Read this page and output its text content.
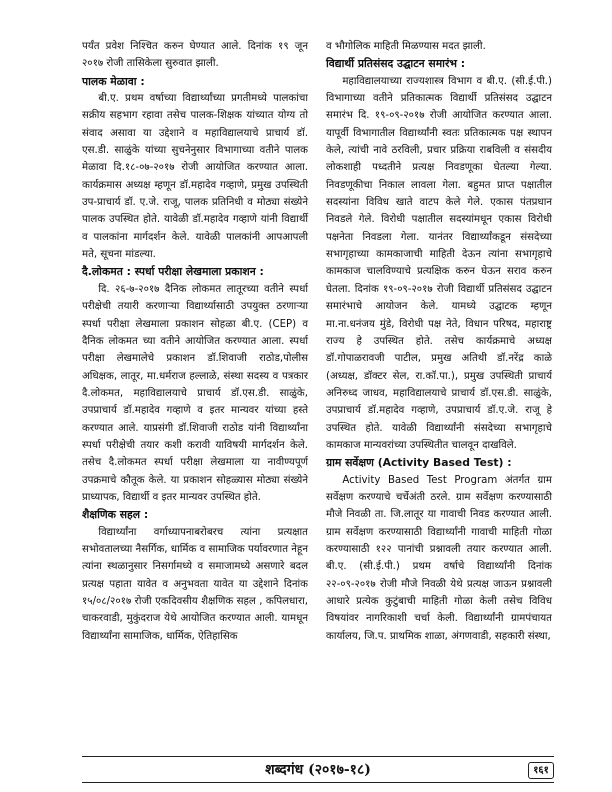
पर्यंत प्रवेश निश्चित करुन घेण्यात आले. दिनांक १९ जून २०१७ रोजी तासिकेला सुरुवात झाली.

पालक मेळावा :

बी.ए. प्रथम वर्षाच्या विद्यार्थ्यांच्या प्रगतीमध्ये पालकांचा सक्रीय सहभाग रहावा तसेच पालक-शिक्षक यांच्यात योग्य तो संवाद असावा या उद्देशाने व महाविद्यालयाचे प्राचार्य डॉ. एस.डी. साळुंके यांच्या सुचनेनुसार विभागाच्या वतीने पालक मेळावा दि.१८-०७-२०१७ रोजी आयोजित करण्यात आला. कार्यक्रमास अध्यक्ष म्हणून डॉ.महादेव गव्हाणे, प्रमुख उपस्थिती उप-प्राचार्य डॉ. ए.जे. राजू, पालक प्रतिनिधी व मोठ्या संख्येने पालक उपस्थित होते. यावेळी डॉ.महादेव गव्हाणे यांनी विद्यार्थी व पालकांना मार्गदर्शन केले. यावेळी पालकांनी आपआपली मते, सूचना मांडल्या.

दै.लोकमत : स्पर्धा परीक्षा लेखमाला प्रकाशन :

दि. २६-७-२०१७ दैनिक लोकमत लातूरच्या वतीने स्पर्धा परीक्षेची तयारी करणाऱ्या विद्यार्थ्यासाठी उपयुक्त ठरणाऱ्या स्पर्धा परीक्षा लेखमाला प्रकाशन सोहळा बी.ए. (CEP) व दैनिक लोकमत च्या वतीने आयोजित करण्यात आला. स्पर्धा परीक्षा लेखमालेचे प्रकाशन डॉ.शिवाजी राठोड,पोलीस अधिक्षक, लातूर, मा.धर्मराज हल्लाळे, संस्था सदस्य व पत्रकार दै.लोकमत, महाविद्यालयाचे प्राचार्य डॉ.एस.डी. साळुंके, उपप्राचार्य डॉ.महादेव गव्हाणे व इतर मान्यवर यांच्या हस्ते करण्यात आले. याप्रसंगी डॉ.शिवाजी राठोड यांनी विद्यार्थ्यांना स्पर्धा परीक्षेची तयार कशी करावी याविषयी मार्गदर्शन केले. तसेच दै.लोकमत स्पर्धा परीक्षा लेखमाला या नावीण्यपूर्ण उपक्रमाचे कौतूक केले. या प्रकाशन सोहळ्यास मोठ्या संख्येने प्राध्यापक, विद्यार्थी व इतर मान्यवर उपस्थित होते.

शैक्षणिक सहल :

विद्यार्थ्यांना वर्गाध्यापनाबरोबरच त्यांना प्रत्यक्षात सभोवतालच्या नैसर्गिक, धार्मिक व सामाजिक पर्यावरणात नेहून त्यांना स्थळानुसार निसर्गामध्ये व समाजामध्ये असणारे बदल प्रत्यक्ष पहाता यावेत व अनुभवता यावेत या उद्देशाने दिनांक १५/०८/२०१७ रोजी एकदिवसीय शैक्षणिक सहल , कपिलधारा, चाकरवाडी, मुकुंदराज येथे आयोजित करण्यात आली. यामधून विद्यार्थ्यांना सामाजिक, धार्मिक, ऐतिहासिक

व भौगोलिक माहिती मिळण्यास मदत झाली.

विद्यार्थी प्रतिसंसद उद्घाटन समारंभ :

महाविद्यालयाच्या राज्यशास्त्र विभाग व बी.ए. (सी.ई.पी.) विभागाच्या वतीने प्रतिकात्मक विद्यार्थी प्रतिसंसद उद्घाटन समारंभ दि. १९-०९-२०१७ रोजी आयोजित करण्यात आला. यापूर्वी विभागातील विद्यार्थ्यांनी स्वतः प्रतिकात्मक पक्ष स्थापन केले, त्यांची नावे ठरविली, प्रचार प्रक्रिया राबविली व संसदीय लोकशाही पध्दतीने प्रत्यक्ष निवडणूका घेतल्या गेल्या. निवडणूकीचा निकाल लावला गेला. बहुमत प्राप्त पक्षातील सदस्यांना विविध खाते वाटप केले गेले. एकास पंतप्रधान निवडले गेले. विरोधी पक्षातील सदस्यांमधून एकास विरोधी पक्षनेता निवडला गेला. यानंतर विद्यार्थ्यांकडून संसदेच्या सभागृहाच्या कामकाजाची माहिती देऊन त्यांना सभागृहाचे कामकाज चालविण्याचे प्रत्यक्षिक करुन घेऊन सराव करुन घेतला. दिनांक १९-०९-२०१७ रोजी विद्यार्थी प्रतिसंसद उद्घाटन समारंभाचे आयोजन केले. यामध्ये उद्घाटक म्हणून मा.ना.धनंजय मुंडे, विरोधी पक्ष नेते, विधान परिषद, महाराष्ट्र राज्य हे उपस्थित होते. तसेच कार्यक्रमाचे अध्यक्ष डॉ.गोपाळरावजी पाटील, प्रमुख अतिथी डॉ.नरेंद्र काळे (अध्यक्ष, डॉक्टर सेल, रा.कॉ.पा.), प्रमुख उपस्थिती प्राचार्य अनिरुध्द जाधव, महाविद्यालयाचे प्राचार्य डॉ.एस.डी. साळुंके, उपप्राचार्य डॉ.महादेव गव्हाणे, उपप्राचार्य डॉ.ए.जे. राजू हे उपस्थित होते. यावेळी विद्यार्थ्यांनी संसदेच्या सभागृहाचे कामकाज मान्यवरांच्या उपस्थितीत चालवून दाखविले.

ग्राम सर्वेक्षण (Activity Based Test) :

Activity Based Test Program अंतर्गत ग्राम सर्वेक्षण करण्याचे चर्चेअंती ठरले. ग्राम सर्वेक्षण करण्यासाठी मौजे निवळी ता. जि.लातूर या गावाची निवड करण्यात आली. ग्राम सर्वेक्षण करण्यासाठी विद्यार्थ्यांनी गावाची माहिती गोळा करण्यासाठी १२२ पानांची प्रश्नावली तयार करण्यात आली. बी.ए. (सी.ई.पी.) प्रथम वर्षाचे विद्यार्थ्यांनी दिनांक २२-०९-२०१७ रोजी मौजे निवळी येथे प्रत्यक्ष जाऊन प्रश्नावली आधारे प्रत्येक कुटुंबाची माहिती गोळा केली तसेच विविध विषयांवर नागरिकाशी चर्चा केली. विद्यार्थ्यांनी ग्रामपंचायत कार्यालय, जि.प. प्राथमिक शाळा, अंगणवाडी, सहकारी संस्था,

शब्दगंध (२०१७-१८)	१६१
